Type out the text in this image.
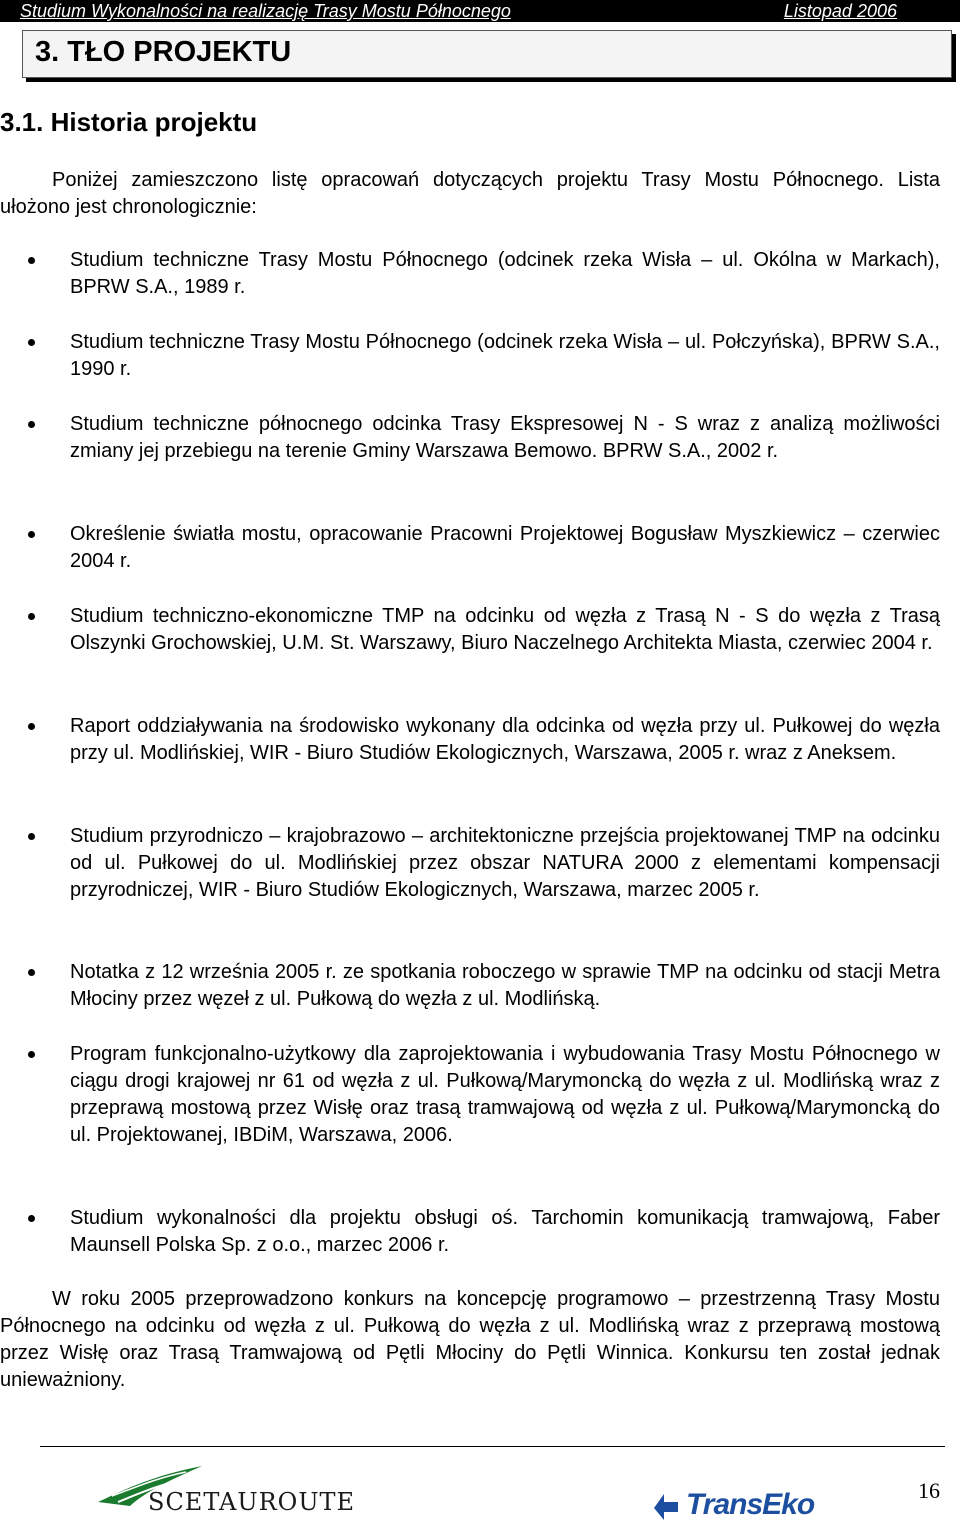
Studium Wykonalności na realizację Trasy Mostu Północnego	Listopad 2006
3. TŁO PROJEKTU
3.1. Historia projektu

Poniżej zamieszczono listę opracowań dotyczących projektu Trasy Mostu Północnego. Lista ułożono jest chronologicznie:

Studium techniczne Trasy Mostu Północnego (odcinek rzeka Wisła – ul. Okólna w Markach), BPRW S.A., 1989 r.

Studium techniczne Trasy Mostu Północnego (odcinek rzeka Wisła – ul. Połczyńska), BPRW S.A., 1990 r.

Studium techniczne północnego odcinka Trasy Ekspresowej N - S wraz z analizą możliwości zmiany jej przebiegu na terenie Gminy Warszawa Bemowo. BPRW S.A., 2002 r.

Określenie światła mostu, opracowanie Pracowni Projektowej Bogusław Myszkiewicz – czerwiec 2004 r.

Studium techniczno-ekonomiczne TMP na odcinku od węzła z Trasą N - S do węzła z Trasą Olszynki Grochowskiej, U.M. St. Warszawy, Biuro Naczelnego Architekta Miasta, czerwiec 2004 r.

Raport oddziaływania na środowisko wykonany dla odcinka od węzła przy ul. Pułkowej do węzła przy ul. Modlińskiej, WIR - Biuro Studiów Ekologicznych, Warszawa, 2005 r. wraz z Aneksem.

Studium przyrodniczo – krajobrazowo – architektoniczne przejścia projektowanej TMP na odcinku od ul. Pułkowej do ul. Modlińskiej przez obszar NATURA 2000 z elementami kompensacji przyrodniczej, WIR - Biuro Studiów Ekologicznych, Warszawa, marzec 2005 r.

Notatka z 12 września 2005 r. ze spotkania roboczego w sprawie TMP na odcinku od stacji Metra Młociny przez węzeł z ul. Pułkową do węzła z ul. Modlińską.

Program funkcjonalno-użytkowy dla zaprojektowania i wybudowania Trasy Mostu Północnego w ciągu drogi krajowej nr 61 od węzła z ul. Pułkową/Marymoncką do węzła z ul. Modlińską wraz z przeprawą mostową przez Wisłę oraz trasą tramwajową od węzła z ul. Pułkową/Marymoncką do ul. Projektowanej, IBDiM, Warszawa, 2006.

Studium wykonalności dla projektu obsługi oś. Tarchomin komunikacją tramwajową, Faber Maunsell Polska Sp. z o.o., marzec 2006 r.

W roku 2005 przeprowadzono konkurs na koncepcję programowo – przestrzenną Trasy Mostu Północnego na odcinku od węzła z ul. Pułkową do węzła z ul. Modlińską wraz z przeprawą mostową przez Wisłę oraz Trasą Tramwajową od Pętli Młociny do Pętli Winnica. Konkursu ten został jednak unieważniony.

SCETAUROUTE	TransEko	16
